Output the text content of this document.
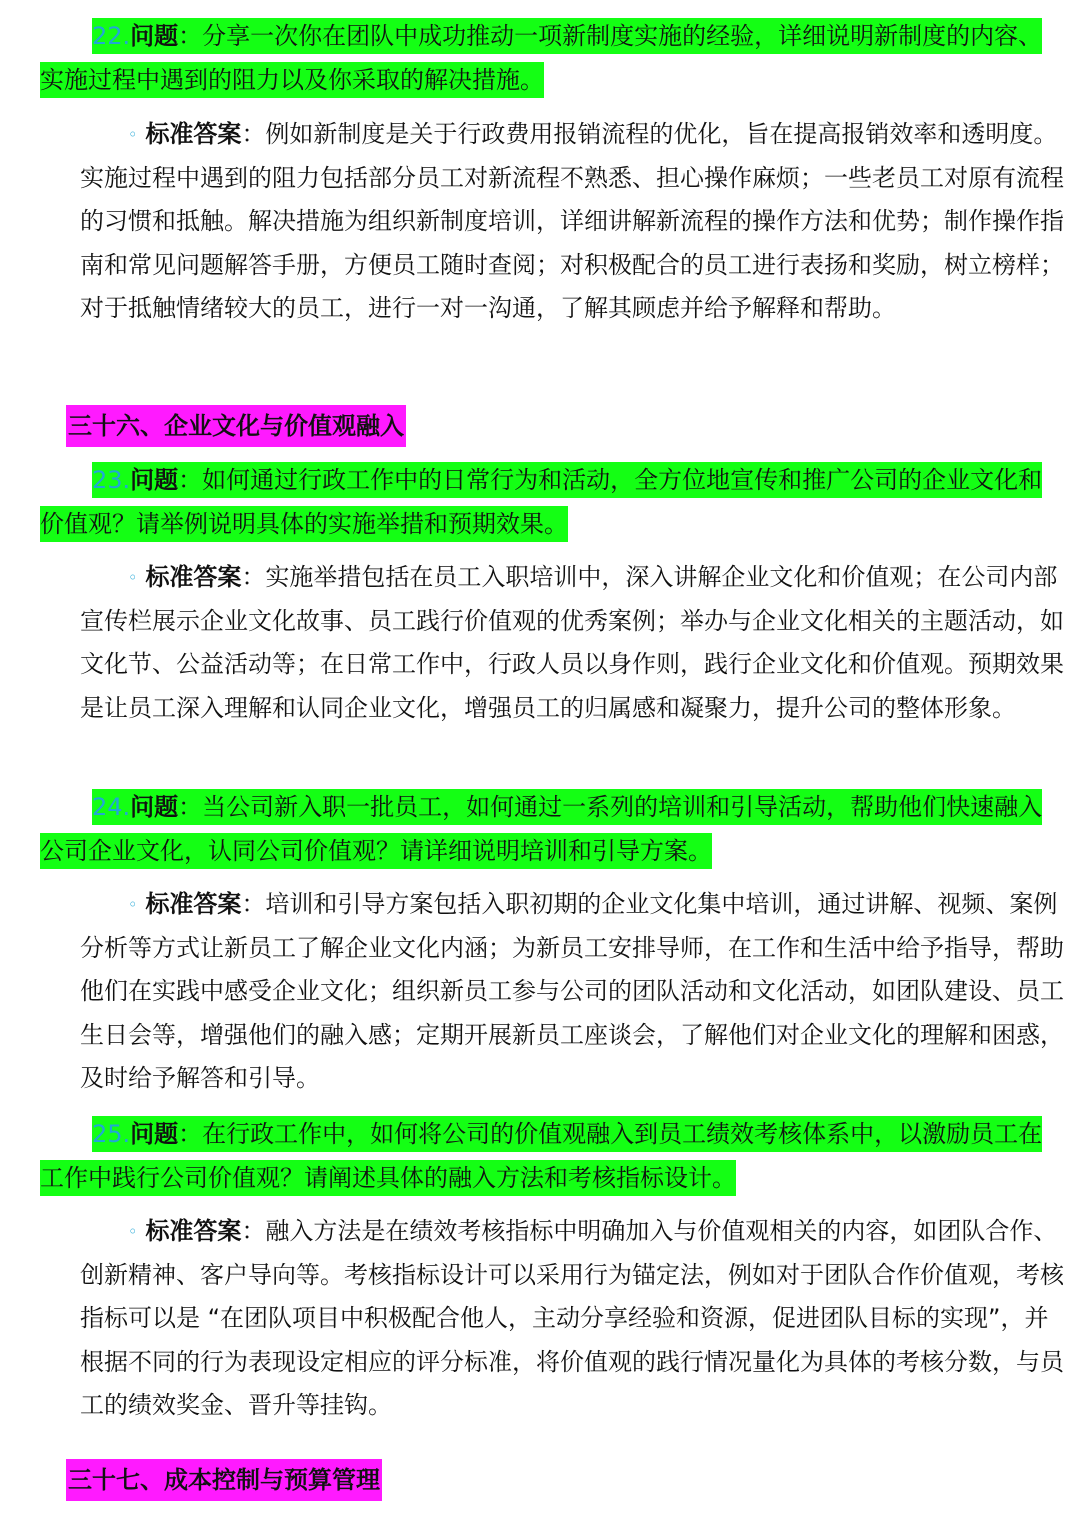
22.问题：分享一次你在团队中成功推动一项新制度实施的经验，详细说明新制度的内容、实施过程中遇到的阻力以及你采取的解决措施。
◦ 标准答案：例如新制度是关于行政费用报销流程的优化，旨在提高报销效率和透明度。实施过程中遇到的阻力包括部分员工对新流程不熟悉、担心操作麻烦；一些老员工对原有流程的习惯和抵触。解决措施为组织新制度培训，详细讲解新流程的操作方法和优势；制作操作指南和常见问题解答手册，方便员工随时查阅；对积极配合的员工进行表扬和奖励，树立榜样；对于抵触情绪较大的员工，进行一对一沟通，了解其顾虑并给予解释和帮助。
三十六、企业文化与价值观融入
23.问题：如何通过行政工作中的日常行为和活动，全方位地宣传和推广公司的企业文化和价值观？请举例说明具体的实施举措和预期效果。
◦ 标准答案：实施举措包括在员工入职培训中，深入讲解企业文化和价值观；在公司内部宣传栏展示企业文化故事、员工践行价值观的优秀案例；举办与企业文化相关的主题活动，如文化节、公益活动等；在日常工作中，行政人员以身作则，践行企业文化和价值观。预期效果是让员工深入理解和认同企业文化，增强员工的归属感和凝聚力，提升公司的整体形象。
24.问题：当公司新入职一批员工，如何通过一系列的培训和引导活动，帮助他们快速融入公司企业文化，认同公司价值观？请详细说明培训和引导方案。
◦ 标准答案：培训和引导方案包括入职初期的企业文化集中培训，通过讲解、视频、案例分析等方式让新员工了解企业文化内涵；为新员工安排导师，在工作和生活中给予指导，帮助他们在实践中感受企业文化；组织新员工参与公司的团队活动和文化活动，如团队建设、员工生日会等，增强他们的融入感；定期开展新员工座谈会，了解他们对企业文化的理解和困惑，及时给予解答和引导。
25.问题：在行政工作中，如何将公司的价值观融入到员工绩效考核体系中，以激励员工在工作中践行公司价值观？请阐述具体的融入方法和考核指标设计。
◦ 标准答案：融入方法是在绩效考核指标中明确加入与价值观相关的内容，如团队合作、创新精神、客户导向等。考核指标设计可以采用行为锚定法，例如对于团队合作价值观，考核指标可以是 “在团队项目中积极配合他人，主动分享经验和资源，促进团队目标的实现”，并根据不同的行为表现设定相应的评分标准，将价值观的践行情况量化为具体的考核分数，与员工的绩效奖金、晋升等挂钩。
三十七、成本控制与预算管理
